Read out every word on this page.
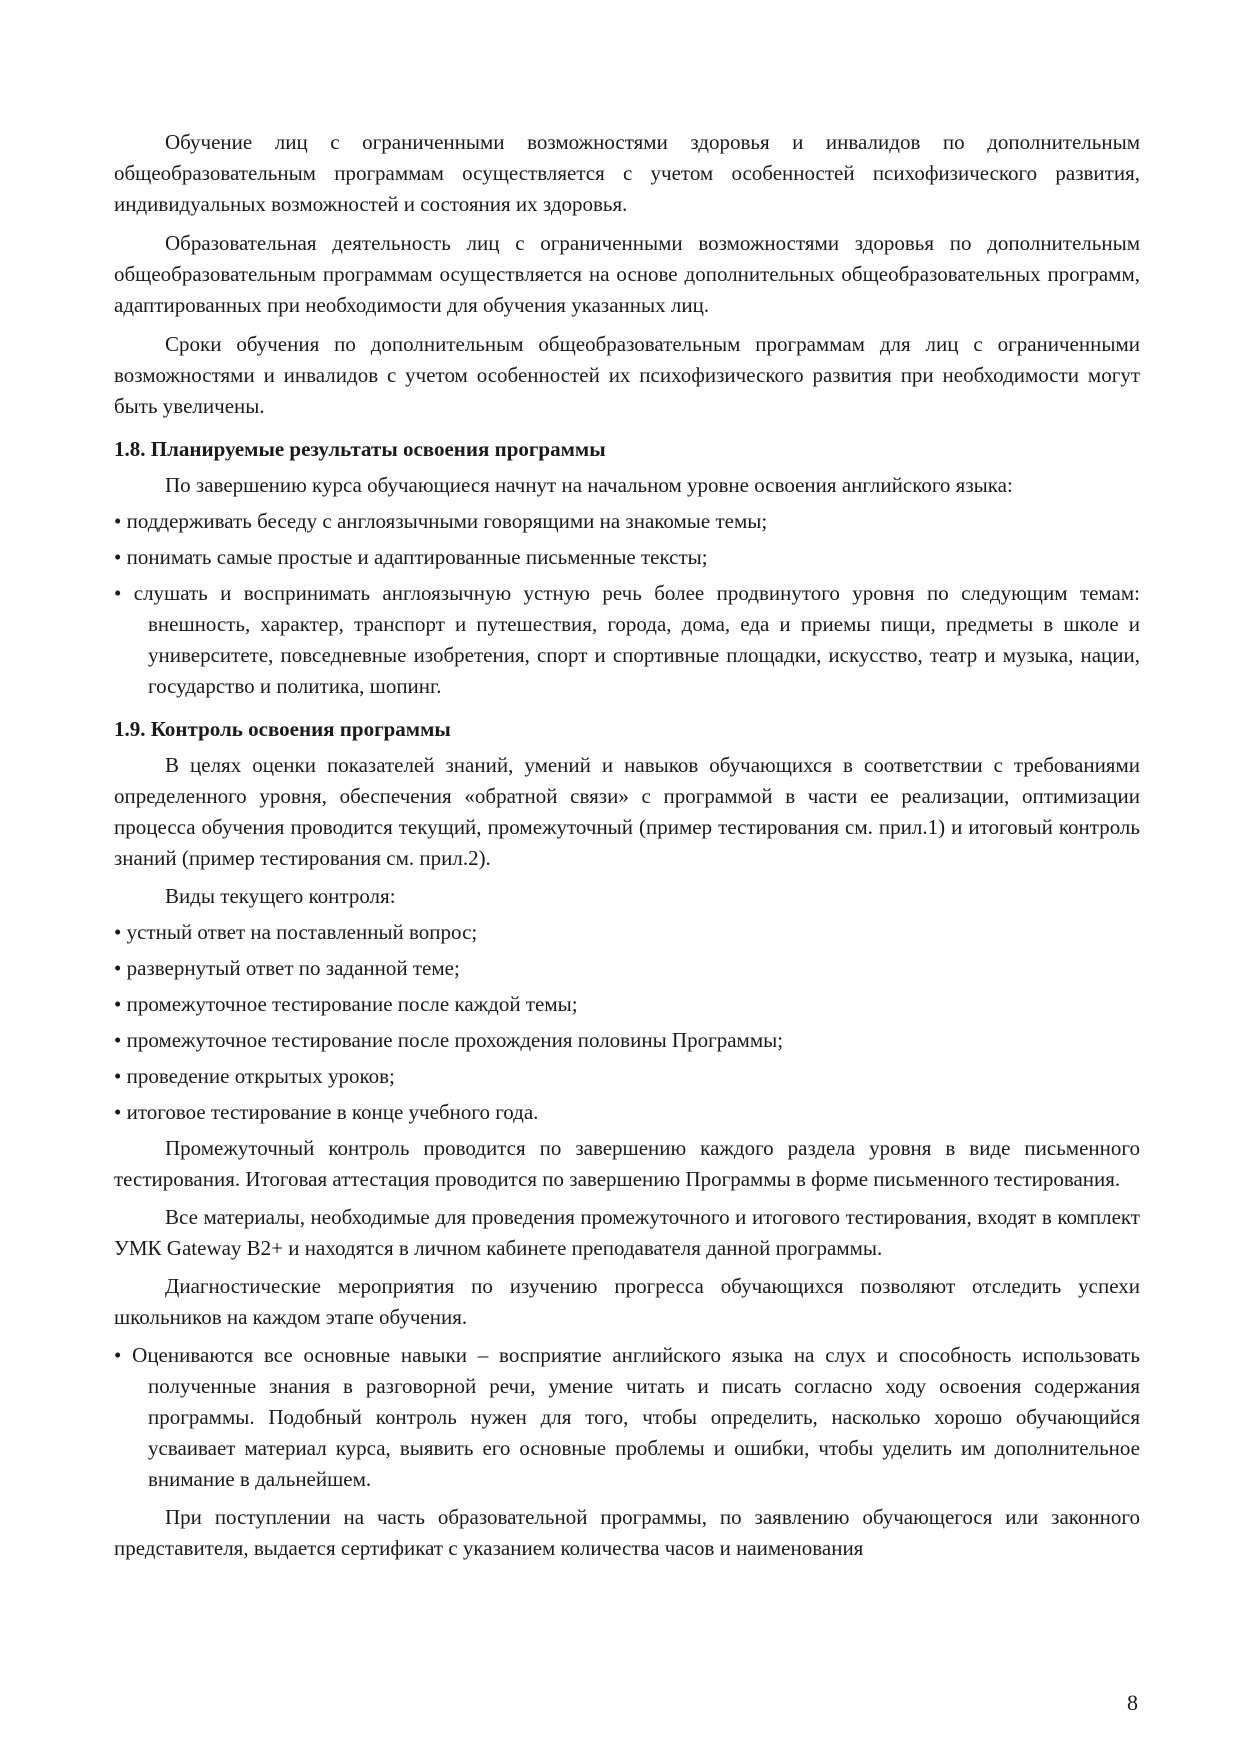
Обучение лиц с ограниченными возможностями здоровья и инвалидов по дополнительным общеобразовательным программам осуществляется с учетом особенностей психофизического развития, индивидуальных возможностей и состояния их здоровья.

Образовательная деятельность лиц с ограниченными возможностями здоровья по дополнительным общеобразовательным программам осуществляется на основе дополнительных общеобразовательных программ, адаптированных при необходимости для обучения указанных лиц.

Сроки обучения по дополнительным общеобразовательным программам для лиц с ограниченными возможностями и инвалидов с учетом особенностей их психофизического развития при необходимости могут быть увеличены.

1.8. Планируемые результаты освоения программы

По завершению курса обучающиеся начнут на начальном уровне освоения английского языка:

• поддерживать беседу с англоязычными говорящими на знакомые темы;

• понимать самые простые и адаптированные письменные тексты;

• слушать и воспринимать англоязычную устную речь более продвинутого уровня по следующим темам: внешность, характер, транспорт и путешествия, города, дома, еда и приемы пищи, предметы в школе и университете, повседневные изобретения, спорт и спортивные площадки, искусство, театр и музыка, нации, государство и политика, шопинг.

1.9. Контроль освоения программы

В целях оценки показателей знаний, умений и навыков обучающихся в соответствии с требованиями определенного уровня, обеспечения «обратной связи» с программой в части ее реализации, оптимизации процесса обучения проводится текущий, промежуточный (пример тестирования см. прил.1) и итоговый контроль знаний (пример тестирования см. прил.2).

Виды текущего контроля:

• устный ответ на поставленный вопрос;

• развернутый ответ по заданной теме;

• промежуточное тестирование после каждой темы;

• промежуточное тестирование после прохождения половины Программы;

• проведение открытых уроков;

• итоговое тестирование в конце учебного года.

Промежуточный контроль проводится по завершению каждого раздела уровня в виде письменного тестирования. Итоговая аттестация проводится по завершению Программы в форме письменного тестирования.

Все материалы, необходимые для проведения промежуточного и итогового тестирования, входят в комплект УМК Gateway B2+ и находятся в личном кабинете преподавателя данной программы.

Диагностические мероприятия по изучению прогресса обучающихся позволяют отследить успехи школьников на каждом этапе обучения.

• Оцениваются все основные навыки – восприятие английского языка на слух и способность использовать полученные знания в разговорной речи, умение читать и писать согласно ходу освоения содержания программы. Подобный контроль нужен для того, чтобы определить, насколько хорошо обучающийся усваивает материал курса, выявить его основные проблемы и ошибки, чтобы уделить им дополнительное внимание в дальнейшем.

При поступлении на часть образовательной программы, по заявлению обучающегося или законного представителя, выдается сертификат с указанием количества часов и наименования

8
